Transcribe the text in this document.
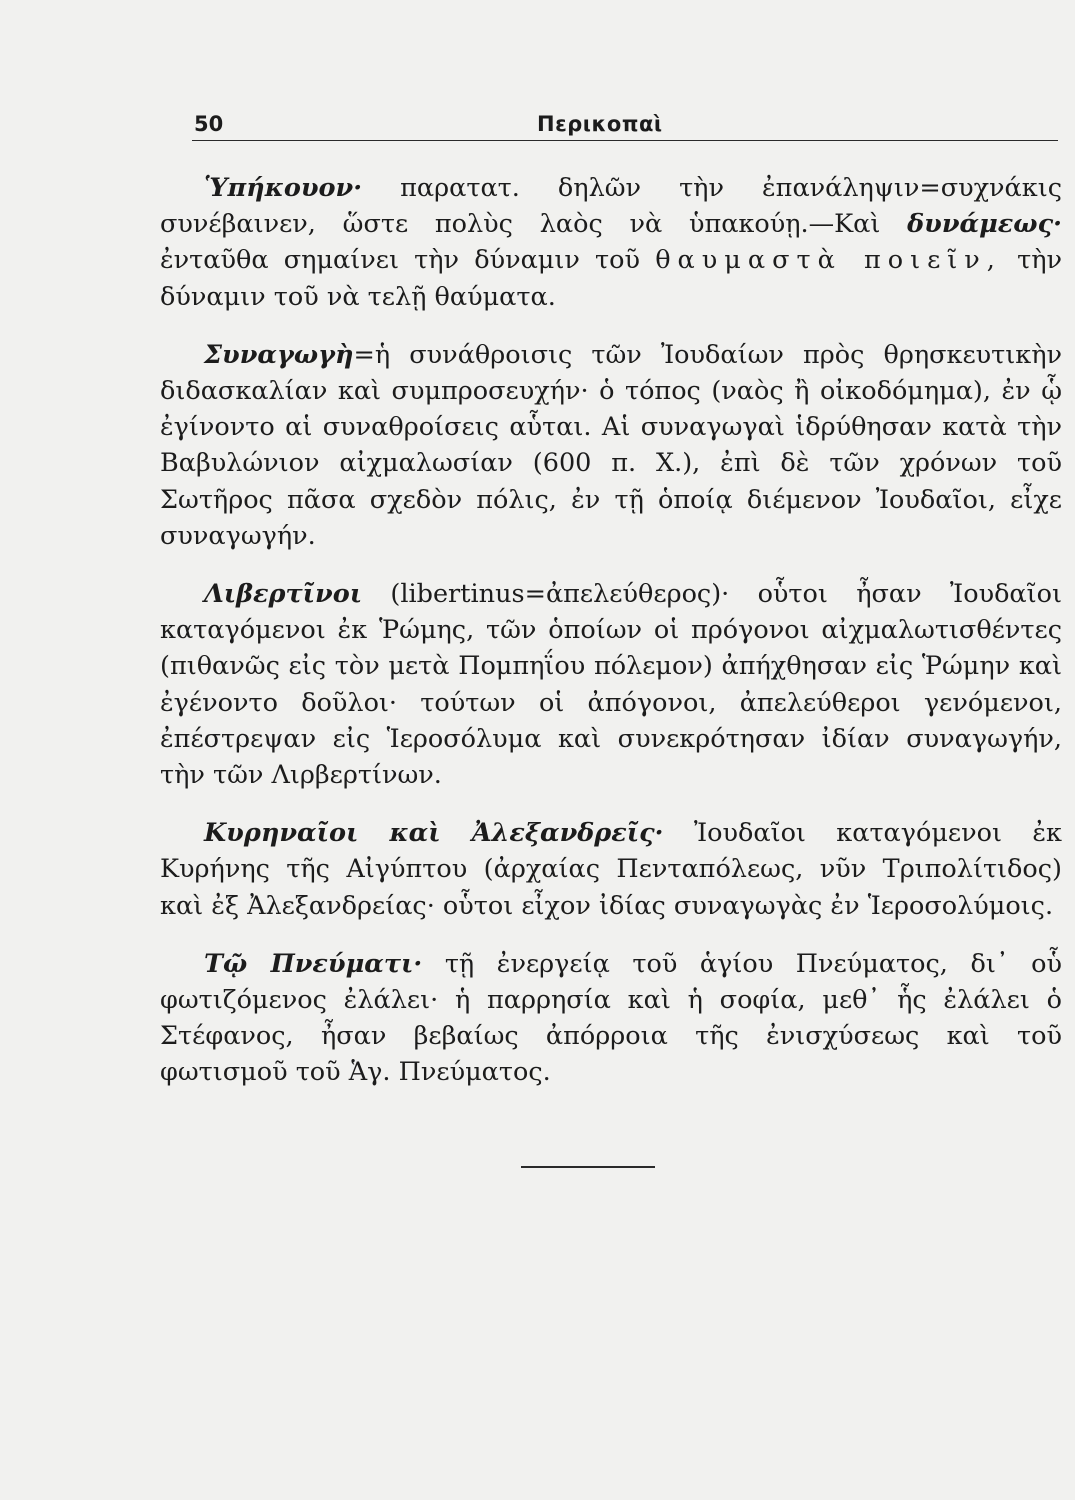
50	Περικοπαὶ

Ὑπήκουον· παρατατ. δηλῶν τὴν ἐπανάληψιν=συχνάκις συνέβαινεν, ὥστε πολὺς λαὸς νὰ ὑπακούῃ.—Καὶ δυνάμεως· ἐνταῦθα σημαίνει τὴν δύναμιν τοῦ θαυμαστὰ ποιεῖν, τὴν δύναμιν τοῦ νὰ τελῇ θαύματα.

Συναγωγὴ=ἡ συνάθροισις τῶν Ἰουδαίων πρὸς θρησκευτικὴν διδασκαλίαν καὶ συμπροσευχήν· ὁ τόπος (ναὸς ἢ οἰκοδόμημα), ἐν ᾧ ἐγίνοντο αἱ συναθροίσεις αὗται. Αἱ συναγωγαὶ ἱδρύθησαν κατὰ τὴν Βαβυλώνιον αἰχμαλωσίαν (600 π. Χ.), ἐπὶ δὲ τῶν χρόνων τοῦ Σωτῆρος πᾶσα σχεδὸν πόλις, ἐν τῇ ὁποίᾳ διέμενον Ἰουδαῖοι, εἶχε συναγωγήν.

Λιβερτῖνοι (libertinus=ἀπελεύθερος)· οὗτοι ἦσαν Ἰουδαῖοι καταγόμενοι ἐκ Ῥώμης, τῶν ὁποίων οἱ πρόγονοι αἰχμαλωτισθέντες (πιθανῶς εἰς τὸν μετὰ Πομπηΐου πόλεμον) ἀπήχθησαν εἰς Ῥώμην καὶ ἐγένοντο δοῦλοι· τούτων οἱ ἀπόγονοι, ἀπελεύθεροι γενόμενοι, ἐπέστρεψαν εἰς Ἱεροσόλυμα καὶ συνεκρότησαν ἰδίαν συναγωγήν, τὴν τῶν Λιρβερτίνων.

Κυρηναῖοι καὶ Ἀλεξανδρεῖς· Ἰουδαῖοι καταγόμενοι ἐκ Κυρήνης τῆς Αἰγύπτου (ἀρχαίας Πενταπόλεως, νῦν Τριπολίτιδος) καὶ ἐξ Ἀλεξανδρείας· οὗτοι εἶχον ἰδίας συναγωγὰς ἐν Ἱεροσολύμοις.

Τῷ Πνεύματι· τῇ ἐνεργείᾳ τοῦ ἁγίου Πνεύματος, δι᾽ οὗ φωτιζόμενος ἐλάλει· ἡ παρρησία καὶ ἡ σοφία, μεθ᾽ ἧς ἐλάλει ὁ Στέφανος, ἦσαν βεβαίως ἀπόρροια τῆς ἐνισχύσεως καὶ τοῦ φωτισμοῦ τοῦ Ἁγ. Πνεύματος.
